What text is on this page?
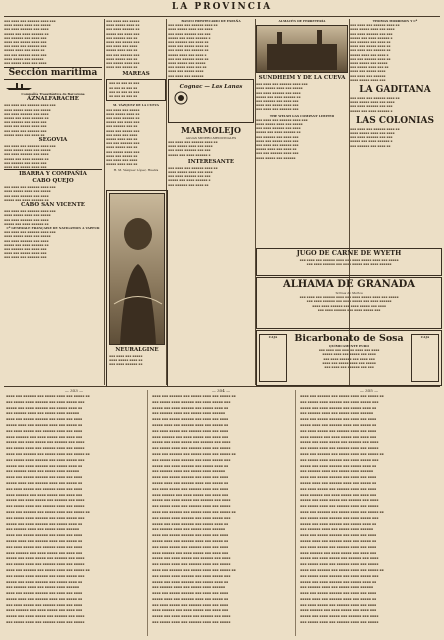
LA PROVINCIA
▪▪▪ ▪▪▪▪ ▪▪▪ ▪▪▪▪▪▪ ▪▪▪▪ ▪▪▪
▪▪▪▪ ▪▪▪▪▪ ▪▪▪▪ ▪▪▪ ▪▪▪▪▪
▪▪▪ ▪▪▪▪ ▪▪▪▪▪▪ ▪▪▪ ▪▪▪▪
▪▪▪▪▪ ▪▪▪ ▪▪▪▪ ▪▪▪▪▪▪ ▪▪
▪▪▪ ▪▪▪▪▪▪ ▪▪▪ ▪▪▪▪ ▪▪▪
▪▪▪▪ ▪▪▪ ▪▪▪▪▪ ▪▪▪▪ ▪▪▪
▪▪▪ ▪▪▪▪ ▪▪▪ ▪▪▪▪▪▪ ▪▪▪
▪▪▪▪▪ ▪▪▪▪ ▪▪▪ ▪▪▪▪ ▪▪
▪▪▪ ▪▪▪ ▪▪▪▪▪▪ ▪▪▪▪ ▪▪▪
▪▪▪▪ ▪▪▪▪▪ ▪▪▪ ▪▪▪▪▪▪
▪▪▪ ▪▪▪▪▪ ▪▪▪▪ ▪▪▪ ▪▪▪▪
Sección marítima
Compañía Trasatlántica de Barcelona
AZNALFARACHE
▪▪▪ ▪▪▪▪ ▪▪▪ ▪▪▪▪▪▪ ▪▪▪▪ ▪▪▪
▪▪▪▪ ▪▪▪▪▪ ▪▪▪▪ ▪▪▪ ▪▪▪▪▪
▪▪▪ ▪▪▪▪ ▪▪▪▪▪▪ ▪▪▪ ▪▪▪▪
▪▪▪▪▪ ▪▪▪ ▪▪▪▪ ▪▪▪▪▪▪ ▪▪
▪▪▪ ▪▪▪▪▪▪ ▪▪▪ ▪▪▪▪ ▪▪▪
▪▪▪▪ ▪▪▪ ▪▪▪▪▪ ▪▪▪▪ ▪▪▪
▪▪▪ ▪▪▪▪ ▪▪▪ ▪▪▪▪▪▪ ▪▪▪
▪▪▪▪▪ ▪▪▪▪ ▪▪▪ ▪▪▪▪ ▪▪
SEGOVIA
▪▪▪ ▪▪▪▪ ▪▪▪ ▪▪▪▪▪▪ ▪▪▪▪ ▪▪▪
▪▪▪▪ ▪▪▪▪▪ ▪▪▪▪ ▪▪▪ ▪▪▪▪▪
▪▪▪ ▪▪▪▪ ▪▪▪▪▪▪ ▪▪▪ ▪▪▪▪
▪▪▪▪▪ ▪▪▪ ▪▪▪▪ ▪▪▪▪▪▪ ▪▪
▪▪▪ ▪▪▪▪▪▪ ▪▪▪ ▪▪▪▪ ▪▪▪
▪▪▪▪ ▪▪▪ ▪▪▪▪▪ ▪▪▪▪ ▪▪▪
IBARRA Y COMPAÑÍA
CABO QUEJO
▪▪▪ ▪▪▪▪ ▪▪▪ ▪▪▪▪▪▪ ▪▪▪▪ ▪▪▪
▪▪▪▪ ▪▪▪▪▪ ▪▪▪▪ ▪▪▪ ▪▪▪▪▪
▪▪▪ ▪▪▪▪ ▪▪▪▪▪▪ ▪▪▪ ▪▪▪▪
▪▪▪▪▪ ▪▪▪ ▪▪▪▪ ▪▪▪▪▪▪ ▪▪
CABO SAN VICENTE
▪▪▪ ▪▪▪▪ ▪▪▪ ▪▪▪▪▪▪ ▪▪▪▪ ▪▪▪
▪▪▪▪ ▪▪▪▪▪ ▪▪▪▪ ▪▪▪ ▪▪▪▪▪
▪▪▪ ▪▪▪▪ ▪▪▪▪▪▪ ▪▪▪ ▪▪▪▪
▪▪▪▪▪ ▪▪▪ ▪▪▪▪ ▪▪▪▪▪▪ ▪▪
Cª GENERALE FRANÇAISE DE NAVIGATION A VAPEUR
▪▪▪ ▪▪▪▪ ▪▪▪ ▪▪▪▪▪▪ ▪▪▪▪ ▪▪▪
▪▪▪▪ ▪▪▪▪▪ ▪▪▪▪ ▪▪▪ ▪▪▪▪▪
▪▪▪ ▪▪▪▪ ▪▪▪▪▪▪ ▪▪▪ ▪▪▪▪
▪▪▪▪▪ ▪▪▪ ▪▪▪▪ ▪▪▪▪▪▪ ▪▪
▪▪▪ ▪▪▪▪▪▪ ▪▪▪ ▪▪▪▪ ▪▪▪
▪▪▪▪ ▪▪▪ ▪▪▪▪▪ ▪▪▪▪ ▪▪▪
▪▪▪ ▪▪▪▪ ▪▪▪ ▪▪▪▪▪▪ ▪▪▪
▪▪▪ ▪▪▪▪ ▪▪▪ ▪▪▪▪▪
▪▪▪▪ ▪▪▪▪▪ ▪▪▪▪ ▪▪
▪▪▪ ▪▪▪▪ ▪▪▪▪▪▪ ▪▪
▪▪▪▪▪ ▪▪▪ ▪▪▪▪ ▪▪▪
▪▪▪ ▪▪▪▪▪▪ ▪▪▪ ▪▪
▪▪▪▪ ▪▪▪ ▪▪▪▪▪ ▪▪▪
▪▪▪ ▪▪▪▪ ▪▪▪ ▪▪▪▪
▪▪▪▪▪ ▪▪▪▪ ▪▪▪ ▪▪
▪▪▪ ▪▪▪ ▪▪▪▪▪▪ ▪▪▪
▪▪▪▪ ▪▪▪▪▪ ▪▪▪ ▪▪
▪▪▪ ▪▪▪▪▪ ▪▪▪▪ ▪▪▪
▪▪▪▪ ▪▪▪ ▪▪▪▪▪ ▪▪
MAREAS
▪▪▪ ▪▪ ▪▪▪ ▪▪ ▪▪▪
▪▪ ▪▪▪ ▪▪ ▪▪▪ ▪▪
▪▪▪ ▪▪ ▪▪▪ ▪▪ ▪▪▪
▪▪ ▪▪▪ ▪▪ ▪▪▪ ▪▪
M. VÁZQUEZ DE LA CUEVA
▪▪▪ ▪▪▪▪ ▪▪▪ ▪▪▪▪▪
▪▪▪▪ ▪▪▪▪▪ ▪▪▪▪ ▪▪
▪▪▪ ▪▪▪▪ ▪▪▪▪▪▪ ▪▪
▪▪▪▪▪ ▪▪▪ ▪▪▪▪ ▪▪▪
▪▪▪ ▪▪▪▪▪▪ ▪▪▪ ▪▪
▪▪▪▪ ▪▪▪ ▪▪▪▪▪ ▪▪▪
▪▪▪ ▪▪▪▪ ▪▪▪ ▪▪▪▪
▪▪▪▪▪ ▪▪▪▪ ▪▪▪ ▪▪
▪▪▪ ▪▪▪ ▪▪▪▪▪▪ ▪▪▪
▪▪▪▪ ▪▪▪▪▪ ▪▪▪ ▪▪
▪▪▪ ▪▪▪▪▪ ▪▪▪▪ ▪▪▪
▪▪▪▪ ▪▪▪ ▪▪▪▪▪ ▪▪
▪▪▪ ▪▪▪▪ ▪▪▪ ▪▪▪▪
▪▪▪▪▪ ▪▪▪▪ ▪▪▪ ▪▪
H. M. Vázquez López, Huelva
BANCO HIPOTECARIO DE ESPAÑA
▪▪▪ ▪▪▪▪ ▪▪▪ ▪▪▪▪▪▪ ▪▪▪▪ ▪▪
▪▪▪▪ ▪▪▪▪▪ ▪▪▪▪ ▪▪▪ ▪▪▪▪
▪▪▪ ▪▪▪▪ ▪▪▪▪▪▪ ▪▪▪ ▪▪▪
▪▪▪▪▪ ▪▪▪ ▪▪▪▪ ▪▪▪▪▪▪ ▪
▪▪▪ ▪▪▪▪▪▪ ▪▪▪ ▪▪▪▪ ▪▪
▪▪▪▪ ▪▪▪ ▪▪▪▪▪ ▪▪▪▪ ▪▪
▪▪▪ ▪▪▪▪ ▪▪▪ ▪▪▪▪▪▪ ▪▪
▪▪▪▪▪ ▪▪▪▪ ▪▪▪ ▪▪▪▪ ▪
▪▪▪ ▪▪▪ ▪▪▪▪▪▪ ▪▪▪▪ ▪▪
▪▪▪▪ ▪▪▪▪▪ ▪▪▪ ▪▪▪▪▪
▪▪▪ ▪▪▪▪▪ ▪▪▪▪ ▪▪▪ ▪▪
▪▪▪▪ ▪▪▪ ▪▪▪▪▪ ▪▪▪▪
▪▪▪ ▪▪▪▪ ▪▪▪ ▪▪▪▪▪▪
Cognac — Las Lanas
MARMOLEJO
AGUAS MINERO-MEDICINALES
▪▪▪ ▪▪▪▪ ▪▪▪ ▪▪▪▪▪▪ ▪▪▪▪ ▪▪
▪▪▪▪ ▪▪▪▪▪ ▪▪▪▪ ▪▪▪ ▪▪▪▪
▪▪▪ ▪▪▪▪ ▪▪▪▪▪▪ ▪▪▪ ▪▪▪
▪▪▪▪▪ ▪▪▪ ▪▪▪▪ ▪▪▪▪▪▪ ▪
INTERESANTE
▪▪▪ ▪▪▪▪ ▪▪▪ ▪▪▪▪▪▪ ▪▪▪▪ ▪▪
▪▪▪▪ ▪▪▪▪▪ ▪▪▪▪ ▪▪▪ ▪▪▪▪
▪▪▪ ▪▪▪▪ ▪▪▪▪▪▪ ▪▪▪ ▪▪▪
▪▪▪▪▪ ▪▪▪ ▪▪▪▪ ▪▪▪▪▪▪ ▪
▪▪▪ ▪▪▪▪▪▪ ▪▪▪ ▪▪▪▪ ▪▪
NEURALGINE
▪▪▪ ▪▪▪▪ ▪▪▪ ▪▪▪▪▪
▪▪▪▪ ▪▪▪▪▪ ▪▪▪▪ ▪▪
▪▪▪ ▪▪▪▪ ▪▪▪▪▪▪ ▪▪
ALMACÉN DE FERRETERÍA
SUNDHEIM Y DE LA CUEVA
▪▪▪ ▪▪▪▪ ▪▪▪ ▪▪▪▪▪▪ ▪▪▪▪ ▪▪▪
▪▪▪▪ ▪▪▪▪▪ ▪▪▪▪ ▪▪▪ ▪▪▪▪▪
▪▪▪ ▪▪▪▪ ▪▪▪▪▪▪ ▪▪▪ ▪▪▪▪
▪▪▪▪▪ ▪▪▪ ▪▪▪▪ ▪▪▪▪▪▪ ▪▪
▪▪▪ ▪▪▪▪▪▪ ▪▪▪ ▪▪▪▪ ▪▪▪
▪▪▪▪ ▪▪▪ ▪▪▪▪▪ ▪▪▪▪ ▪▪▪
▪▪▪ ▪▪▪▪ ▪▪▪ ▪▪▪▪▪▪ ▪▪▪
THE WELSH GAS COMPANY LIMITED
▪▪▪ ▪▪▪▪ ▪▪▪ ▪▪▪▪▪▪ ▪▪▪▪ ▪▪▪
▪▪▪▪ ▪▪▪▪▪ ▪▪▪▪ ▪▪▪ ▪▪▪▪▪
▪▪▪ ▪▪▪▪ ▪▪▪▪▪▪ ▪▪▪ ▪▪▪▪
▪▪▪▪▪ ▪▪▪ ▪▪▪▪ ▪▪▪▪▪▪ ▪▪
▪▪▪ ▪▪▪▪▪▪ ▪▪▪ ▪▪▪▪ ▪▪▪
▪▪▪▪ ▪▪▪ ▪▪▪▪▪ ▪▪▪▪ ▪▪▪
▪▪▪ ▪▪▪▪ ▪▪▪ ▪▪▪▪▪▪ ▪▪▪
▪▪▪▪▪ ▪▪▪▪ ▪▪▪ ▪▪▪▪ ▪▪
▪▪▪ ▪▪▪ ▪▪▪▪▪▪ ▪▪▪▪ ▪▪▪
▪▪▪▪ ▪▪▪▪▪ ▪▪▪ ▪▪▪▪▪▪
THOMAS MORRISON Y Cª
▪▪▪ ▪▪▪▪ ▪▪▪ ▪▪▪▪▪▪ ▪▪▪▪ ▪▪
▪▪▪▪ ▪▪▪▪▪ ▪▪▪▪ ▪▪▪ ▪▪▪▪
▪▪▪ ▪▪▪▪ ▪▪▪▪▪▪ ▪▪▪ ▪▪▪
▪▪▪▪▪ ▪▪▪ ▪▪▪▪ ▪▪▪▪▪▪ ▪
▪▪▪ ▪▪▪▪▪▪ ▪▪▪ ▪▪▪▪ ▪▪
▪▪▪▪ ▪▪▪ ▪▪▪▪▪ ▪▪▪▪ ▪▪
▪▪▪ ▪▪▪▪ ▪▪▪ ▪▪▪▪▪▪ ▪▪
▪▪▪▪▪ ▪▪▪▪ ▪▪▪ ▪▪▪▪ ▪
▪▪▪ ▪▪▪ ▪▪▪▪▪▪ ▪▪▪▪ ▪▪
▪▪▪▪ ▪▪▪▪▪ ▪▪▪ ▪▪▪▪▪
▪▪▪ ▪▪▪▪▪ ▪▪▪▪ ▪▪▪ ▪▪
▪▪▪▪ ▪▪▪ ▪▪▪▪▪ ▪▪▪▪
▪▪▪ ▪▪▪▪ ▪▪▪ ▪▪▪▪▪▪
▪▪▪▪ ▪▪▪▪▪ ▪▪▪▪ ▪▪▪
LA GADITANA
▪▪▪ ▪▪▪▪ ▪▪▪ ▪▪▪▪▪▪ ▪▪▪▪ ▪▪
▪▪▪▪ ▪▪▪▪▪ ▪▪▪▪ ▪▪▪ ▪▪▪▪
▪▪▪ ▪▪▪▪ ▪▪▪▪▪▪ ▪▪▪ ▪▪▪
▪▪▪▪▪ ▪▪▪ ▪▪▪▪ ▪▪▪▪▪▪ ▪
LAS COLONIAS
▪▪▪ ▪▪▪▪ ▪▪▪ ▪▪▪▪▪▪ ▪▪▪▪ ▪▪
▪▪▪▪ ▪▪▪▪▪ ▪▪▪▪ ▪▪▪ ▪▪▪▪
▪▪▪ ▪▪▪▪ ▪▪▪▪▪▪ ▪▪▪ ▪▪▪
▪▪▪▪▪ ▪▪▪ ▪▪▪▪ ▪▪▪▪▪▪ ▪
▪▪▪ ▪▪▪▪▪▪ ▪▪▪ ▪▪▪▪ ▪▪
JUGO DE CARNE DE WYETH
▪▪▪ ▪▪▪▪ ▪▪▪ ▪▪▪▪▪▪ ▪▪▪▪ ▪▪▪ ▪▪▪▪ ▪▪▪▪▪ ▪▪▪▪ ▪▪▪ ▪▪▪▪▪
▪▪▪ ▪▪▪▪ ▪▪▪▪▪▪ ▪▪▪ ▪▪▪▪ ▪▪▪▪▪ ▪▪▪ ▪▪▪▪ ▪▪▪▪▪▪
ALHAMA DE GRANADA
Termas de Martos
▪▪▪ ▪▪▪▪ ▪▪▪ ▪▪▪▪▪▪ ▪▪▪▪ ▪▪▪ ▪▪▪▪ ▪▪▪▪▪ ▪▪▪▪ ▪▪▪ ▪▪▪▪▪
▪▪▪ ▪▪▪▪ ▪▪▪▪▪▪ ▪▪▪ ▪▪▪▪ ▪▪▪▪▪ ▪▪▪ ▪▪▪▪ ▪▪▪▪▪▪
▪▪▪▪ ▪▪▪▪ ▪▪▪▪▪▪ ▪▪▪ ▪▪▪▪ ▪▪▪▪▪ ▪▪▪ ▪▪▪▪
▪▪▪ ▪▪▪▪ ▪▪▪▪▪▪ ▪▪▪ ▪▪▪▪ ▪▪▪▪▪ ▪▪▪
CAJA	CAJA
Bicarbonato de Sosa
QUÍMICAMENTE PURO
▪▪▪ ▪▪▪▪ ▪▪▪ ▪▪▪▪▪▪ ▪▪▪▪ ▪▪▪ ▪▪▪▪
▪▪▪▪▪ ▪▪▪▪ ▪▪▪ ▪▪▪▪▪ ▪▪▪ ▪▪▪▪
▪▪▪ ▪▪▪▪ ▪▪▪▪▪▪ ▪▪▪ ▪▪▪▪ ▪▪▪
▪▪▪▪ ▪▪▪ ▪▪▪▪▪ ▪▪▪▪ ▪▪▪ ▪▪▪▪▪
▪▪▪ ▪▪▪▪ ▪▪▪ ▪▪▪▪▪▪ ▪▪▪ ▪▪▪
— 353 —
▪▪▪▪ ▪▪▪ ▪▪▪▪▪▪ ▪▪▪ ▪▪▪▪▪ ▪▪▪▪ ▪▪▪ ▪▪▪▪▪ ▪▪
▪▪▪ ▪▪▪▪▪ ▪▪▪▪ ▪▪▪▪▪▪ ▪▪▪ ▪▪▪▪ ▪▪▪▪▪ ▪▪▪
▪▪▪▪▪ ▪▪▪ ▪▪▪▪ ▪▪▪▪▪▪ ▪▪▪ ▪▪▪▪▪ ▪▪▪▪ ▪▪
▪▪▪ ▪▪▪▪▪▪ ▪▪▪▪ ▪▪▪ ▪▪▪▪▪ ▪▪▪▪ ▪▪▪▪▪▪
▪▪▪▪ ▪▪▪ ▪▪▪▪▪ ▪▪▪▪▪▪ ▪▪▪ ▪▪▪▪ ▪▪▪ ▪▪▪▪
▪▪▪▪▪ ▪▪▪▪ ▪▪▪ ▪▪▪▪▪▪ ▪▪▪▪ ▪▪▪ ▪▪▪▪▪ ▪▪
▪▪▪ ▪▪▪▪ ▪▪▪▪▪ ▪▪▪ ▪▪▪▪▪▪ ▪▪▪▪ ▪▪▪ ▪▪▪▪
▪▪▪▪ ▪▪▪▪▪▪ ▪▪▪ ▪▪▪▪ ▪▪▪▪▪ ▪▪▪ ▪▪▪▪ ▪▪▪
▪▪▪▪▪ ▪▪▪ ▪▪▪▪ ▪▪▪▪▪ ▪▪▪ ▪▪▪▪▪▪ ▪▪▪ ▪▪▪▪
▪▪▪ ▪▪▪▪▪ ▪▪▪▪ ▪▪▪ ▪▪▪▪▪▪ ▪▪▪▪ ▪▪▪ ▪▪▪▪▪
▪▪▪▪ ▪▪▪ ▪▪▪▪▪▪ ▪▪▪ ▪▪▪▪▪ ▪▪▪▪ ▪▪▪ ▪▪▪▪▪ ▪▪
▪▪▪ ▪▪▪▪▪ ▪▪▪▪ ▪▪▪▪▪▪ ▪▪▪ ▪▪▪▪ ▪▪▪▪▪ ▪▪▪
▪▪▪▪▪ ▪▪▪ ▪▪▪▪ ▪▪▪▪▪▪ ▪▪▪ ▪▪▪▪▪ ▪▪▪▪ ▪▪
▪▪▪ ▪▪▪▪▪▪ ▪▪▪▪ ▪▪▪ ▪▪▪▪▪ ▪▪▪▪ ▪▪▪▪▪▪
▪▪▪▪ ▪▪▪ ▪▪▪▪▪ ▪▪▪▪▪▪ ▪▪▪ ▪▪▪▪ ▪▪▪ ▪▪▪▪
▪▪▪▪▪ ▪▪▪▪ ▪▪▪ ▪▪▪▪▪▪ ▪▪▪▪ ▪▪▪ ▪▪▪▪▪ ▪▪
▪▪▪ ▪▪▪▪ ▪▪▪▪▪ ▪▪▪ ▪▪▪▪▪▪ ▪▪▪▪ ▪▪▪ ▪▪▪▪
▪▪▪▪ ▪▪▪▪▪▪ ▪▪▪ ▪▪▪▪ ▪▪▪▪▪ ▪▪▪ ▪▪▪▪ ▪▪▪
▪▪▪▪▪ ▪▪▪ ▪▪▪▪ ▪▪▪▪▪ ▪▪▪ ▪▪▪▪▪▪ ▪▪▪ ▪▪▪▪
▪▪▪ ▪▪▪▪▪ ▪▪▪▪ ▪▪▪ ▪▪▪▪▪▪ ▪▪▪▪ ▪▪▪ ▪▪▪▪▪
▪▪▪▪ ▪▪▪ ▪▪▪▪▪▪ ▪▪▪ ▪▪▪▪▪ ▪▪▪▪ ▪▪▪ ▪▪▪▪▪ ▪▪
▪▪▪ ▪▪▪▪▪ ▪▪▪▪ ▪▪▪▪▪▪ ▪▪▪ ▪▪▪▪ ▪▪▪▪▪ ▪▪▪
▪▪▪▪▪ ▪▪▪ ▪▪▪▪ ▪▪▪▪▪▪ ▪▪▪ ▪▪▪▪▪ ▪▪▪▪ ▪▪
▪▪▪ ▪▪▪▪▪▪ ▪▪▪▪ ▪▪▪ ▪▪▪▪▪ ▪▪▪▪ ▪▪▪▪▪▪
▪▪▪▪ ▪▪▪ ▪▪▪▪▪ ▪▪▪▪▪▪ ▪▪▪ ▪▪▪▪ ▪▪▪ ▪▪▪▪
▪▪▪▪▪ ▪▪▪▪ ▪▪▪ ▪▪▪▪▪▪ ▪▪▪▪ ▪▪▪ ▪▪▪▪▪ ▪▪
▪▪▪ ▪▪▪▪ ▪▪▪▪▪ ▪▪▪ ▪▪▪▪▪▪ ▪▪▪▪ ▪▪▪ ▪▪▪▪
▪▪▪▪ ▪▪▪▪▪▪ ▪▪▪ ▪▪▪▪ ▪▪▪▪▪ ▪▪▪ ▪▪▪▪ ▪▪▪
▪▪▪▪▪ ▪▪▪ ▪▪▪▪ ▪▪▪▪▪ ▪▪▪ ▪▪▪▪▪▪ ▪▪▪ ▪▪▪▪
▪▪▪ ▪▪▪▪▪ ▪▪▪▪ ▪▪▪ ▪▪▪▪▪▪ ▪▪▪▪ ▪▪▪ ▪▪▪▪▪
▪▪▪▪ ▪▪▪ ▪▪▪▪▪▪ ▪▪▪ ▪▪▪▪▪ ▪▪▪▪ ▪▪▪ ▪▪▪▪▪ ▪▪
▪▪▪ ▪▪▪▪▪ ▪▪▪▪ ▪▪▪▪▪▪ ▪▪▪ ▪▪▪▪ ▪▪▪▪▪ ▪▪▪
▪▪▪▪▪ ▪▪▪ ▪▪▪▪ ▪▪▪▪▪▪ ▪▪▪ ▪▪▪▪▪ ▪▪▪▪ ▪▪
▪▪▪ ▪▪▪▪▪▪ ▪▪▪▪ ▪▪▪ ▪▪▪▪▪ ▪▪▪▪ ▪▪▪▪▪▪
▪▪▪▪ ▪▪▪ ▪▪▪▪▪ ▪▪▪▪▪▪ ▪▪▪ ▪▪▪▪ ▪▪▪ ▪▪▪▪
▪▪▪▪▪ ▪▪▪▪ ▪▪▪ ▪▪▪▪▪▪ ▪▪▪▪ ▪▪▪ ▪▪▪▪▪ ▪▪
▪▪▪ ▪▪▪▪ ▪▪▪▪▪ ▪▪▪ ▪▪▪▪▪▪ ▪▪▪▪ ▪▪▪ ▪▪▪▪
▪▪▪▪ ▪▪▪▪▪▪ ▪▪▪ ▪▪▪▪ ▪▪▪▪▪ ▪▪▪ ▪▪▪▪ ▪▪▪
▪▪▪▪▪ ▪▪▪ ▪▪▪▪ ▪▪▪▪▪ ▪▪▪ ▪▪▪▪▪▪ ▪▪▪ ▪▪▪▪
▪▪▪ ▪▪▪▪▪ ▪▪▪▪ ▪▪▪ ▪▪▪▪▪▪ ▪▪▪▪ ▪▪▪ ▪▪▪▪▪
— 354 —
▪▪▪▪ ▪▪▪ ▪▪▪▪▪▪ ▪▪▪ ▪▪▪▪▪ ▪▪▪▪ ▪▪▪ ▪▪▪▪▪ ▪▪
▪▪▪ ▪▪▪▪▪ ▪▪▪▪ ▪▪▪▪▪▪ ▪▪▪ ▪▪▪▪ ▪▪▪▪▪ ▪▪▪
▪▪▪▪▪ ▪▪▪ ▪▪▪▪ ▪▪▪▪▪▪ ▪▪▪ ▪▪▪▪▪ ▪▪▪▪ ▪▪
▪▪▪ ▪▪▪▪▪▪ ▪▪▪▪ ▪▪▪ ▪▪▪▪▪ ▪▪▪▪ ▪▪▪▪▪▪
▪▪▪▪ ▪▪▪ ▪▪▪▪▪ ▪▪▪▪▪▪ ▪▪▪ ▪▪▪▪ ▪▪▪ ▪▪▪▪
▪▪▪▪▪ ▪▪▪▪ ▪▪▪ ▪▪▪▪▪▪ ▪▪▪▪ ▪▪▪ ▪▪▪▪▪ ▪▪
▪▪▪ ▪▪▪▪ ▪▪▪▪▪ ▪▪▪ ▪▪▪▪▪▪ ▪▪▪▪ ▪▪▪ ▪▪▪▪
▪▪▪▪ ▪▪▪▪▪▪ ▪▪▪ ▪▪▪▪ ▪▪▪▪▪ ▪▪▪ ▪▪▪▪ ▪▪▪
▪▪▪▪▪ ▪▪▪ ▪▪▪▪ ▪▪▪▪▪ ▪▪▪ ▪▪▪▪▪▪ ▪▪▪ ▪▪▪▪
▪▪▪ ▪▪▪▪▪ ▪▪▪▪ ▪▪▪ ▪▪▪▪▪▪ ▪▪▪▪ ▪▪▪ ▪▪▪▪▪
▪▪▪▪ ▪▪▪ ▪▪▪▪▪▪ ▪▪▪ ▪▪▪▪▪ ▪▪▪▪ ▪▪▪ ▪▪▪▪▪ ▪▪
▪▪▪ ▪▪▪▪▪ ▪▪▪▪ ▪▪▪▪▪▪ ▪▪▪ ▪▪▪▪ ▪▪▪▪▪ ▪▪▪
▪▪▪▪▪ ▪▪▪ ▪▪▪▪ ▪▪▪▪▪▪ ▪▪▪ ▪▪▪▪▪ ▪▪▪▪ ▪▪
▪▪▪ ▪▪▪▪▪▪ ▪▪▪▪ ▪▪▪ ▪▪▪▪▪ ▪▪▪▪ ▪▪▪▪▪▪
▪▪▪▪ ▪▪▪ ▪▪▪▪▪ ▪▪▪▪▪▪ ▪▪▪ ▪▪▪▪ ▪▪▪ ▪▪▪▪
▪▪▪▪▪ ▪▪▪▪ ▪▪▪ ▪▪▪▪▪▪ ▪▪▪▪ ▪▪▪ ▪▪▪▪▪ ▪▪
▪▪▪ ▪▪▪▪ ▪▪▪▪▪ ▪▪▪ ▪▪▪▪▪▪ ▪▪▪▪ ▪▪▪ ▪▪▪▪
▪▪▪▪ ▪▪▪▪▪▪ ▪▪▪ ▪▪▪▪ ▪▪▪▪▪ ▪▪▪ ▪▪▪▪ ▪▪▪
▪▪▪▪▪ ▪▪▪ ▪▪▪▪ ▪▪▪▪▪ ▪▪▪ ▪▪▪▪▪▪ ▪▪▪ ▪▪▪▪
▪▪▪ ▪▪▪▪▪ ▪▪▪▪ ▪▪▪ ▪▪▪▪▪▪ ▪▪▪▪ ▪▪▪ ▪▪▪▪▪
▪▪▪▪ ▪▪▪ ▪▪▪▪▪▪ ▪▪▪ ▪▪▪▪▪ ▪▪▪▪ ▪▪▪ ▪▪▪▪▪ ▪▪
▪▪▪ ▪▪▪▪▪ ▪▪▪▪ ▪▪▪▪▪▪ ▪▪▪ ▪▪▪▪ ▪▪▪▪▪ ▪▪▪
▪▪▪▪▪ ▪▪▪ ▪▪▪▪ ▪▪▪▪▪▪ ▪▪▪ ▪▪▪▪▪ ▪▪▪▪ ▪▪
▪▪▪ ▪▪▪▪▪▪ ▪▪▪▪ ▪▪▪ ▪▪▪▪▪ ▪▪▪▪ ▪▪▪▪▪▪
▪▪▪▪ ▪▪▪ ▪▪▪▪▪ ▪▪▪▪▪▪ ▪▪▪ ▪▪▪▪ ▪▪▪ ▪▪▪▪
▪▪▪▪▪ ▪▪▪▪ ▪▪▪ ▪▪▪▪▪▪ ▪▪▪▪ ▪▪▪ ▪▪▪▪▪ ▪▪
▪▪▪ ▪▪▪▪ ▪▪▪▪▪ ▪▪▪ ▪▪▪▪▪▪ ▪▪▪▪ ▪▪▪ ▪▪▪▪
▪▪▪▪ ▪▪▪▪▪▪ ▪▪▪ ▪▪▪▪ ▪▪▪▪▪ ▪▪▪ ▪▪▪▪ ▪▪▪
▪▪▪▪▪ ▪▪▪ ▪▪▪▪ ▪▪▪▪▪ ▪▪▪ ▪▪▪▪▪▪ ▪▪▪ ▪▪▪▪
▪▪▪ ▪▪▪▪▪ ▪▪▪▪ ▪▪▪ ▪▪▪▪▪▪ ▪▪▪▪ ▪▪▪ ▪▪▪▪▪
▪▪▪▪ ▪▪▪ ▪▪▪▪▪▪ ▪▪▪ ▪▪▪▪▪ ▪▪▪▪ ▪▪▪ ▪▪▪▪▪ ▪▪
▪▪▪ ▪▪▪▪▪ ▪▪▪▪ ▪▪▪▪▪▪ ▪▪▪ ▪▪▪▪ ▪▪▪▪▪ ▪▪▪
▪▪▪▪▪ ▪▪▪ ▪▪▪▪ ▪▪▪▪▪▪ ▪▪▪ ▪▪▪▪▪ ▪▪▪▪ ▪▪
▪▪▪ ▪▪▪▪▪▪ ▪▪▪▪ ▪▪▪ ▪▪▪▪▪ ▪▪▪▪ ▪▪▪▪▪▪
▪▪▪▪ ▪▪▪ ▪▪▪▪▪ ▪▪▪▪▪▪ ▪▪▪ ▪▪▪▪ ▪▪▪ ▪▪▪▪
▪▪▪▪▪ ▪▪▪▪ ▪▪▪ ▪▪▪▪▪▪ ▪▪▪▪ ▪▪▪ ▪▪▪▪▪ ▪▪
▪▪▪ ▪▪▪▪ ▪▪▪▪▪ ▪▪▪ ▪▪▪▪▪▪ ▪▪▪▪ ▪▪▪ ▪▪▪▪
▪▪▪▪ ▪▪▪▪▪▪ ▪▪▪ ▪▪▪▪ ▪▪▪▪▪ ▪▪▪ ▪▪▪▪ ▪▪▪
▪▪▪▪▪ ▪▪▪ ▪▪▪▪ ▪▪▪▪▪ ▪▪▪ ▪▪▪▪▪▪ ▪▪▪ ▪▪▪▪
▪▪▪ ▪▪▪▪▪ ▪▪▪▪ ▪▪▪ ▪▪▪▪▪▪ ▪▪▪▪ ▪▪▪ ▪▪▪▪▪
— 355 —
▪▪▪▪ ▪▪▪ ▪▪▪▪▪▪ ▪▪▪ ▪▪▪▪▪ ▪▪▪▪ ▪▪▪ ▪▪▪▪▪ ▪▪
▪▪▪ ▪▪▪▪▪ ▪▪▪▪ ▪▪▪▪▪▪ ▪▪▪ ▪▪▪▪ ▪▪▪▪▪ ▪▪▪
▪▪▪▪▪ ▪▪▪ ▪▪▪▪ ▪▪▪▪▪▪ ▪▪▪ ▪▪▪▪▪ ▪▪▪▪ ▪▪
▪▪▪ ▪▪▪▪▪▪ ▪▪▪▪ ▪▪▪ ▪▪▪▪▪ ▪▪▪▪ ▪▪▪▪▪▪
▪▪▪▪ ▪▪▪ ▪▪▪▪▪ ▪▪▪▪▪▪ ▪▪▪ ▪▪▪▪ ▪▪▪ ▪▪▪▪
▪▪▪▪▪ ▪▪▪▪ ▪▪▪ ▪▪▪▪▪▪ ▪▪▪▪ ▪▪▪ ▪▪▪▪▪ ▪▪
▪▪▪ ▪▪▪▪ ▪▪▪▪▪ ▪▪▪ ▪▪▪▪▪▪ ▪▪▪▪ ▪▪▪ ▪▪▪▪
▪▪▪▪ ▪▪▪▪▪▪ ▪▪▪ ▪▪▪▪ ▪▪▪▪▪ ▪▪▪ ▪▪▪▪ ▪▪▪
▪▪▪▪▪ ▪▪▪ ▪▪▪▪ ▪▪▪▪▪ ▪▪▪ ▪▪▪▪▪▪ ▪▪▪ ▪▪▪▪
▪▪▪ ▪▪▪▪▪ ▪▪▪▪ ▪▪▪ ▪▪▪▪▪▪ ▪▪▪▪ ▪▪▪ ▪▪▪▪▪
▪▪▪▪ ▪▪▪ ▪▪▪▪▪▪ ▪▪▪ ▪▪▪▪▪ ▪▪▪▪ ▪▪▪ ▪▪▪▪▪ ▪▪
▪▪▪ ▪▪▪▪▪ ▪▪▪▪ ▪▪▪▪▪▪ ▪▪▪ ▪▪▪▪ ▪▪▪▪▪ ▪▪▪
▪▪▪▪▪ ▪▪▪ ▪▪▪▪ ▪▪▪▪▪▪ ▪▪▪ ▪▪▪▪▪ ▪▪▪▪ ▪▪
▪▪▪ ▪▪▪▪▪▪ ▪▪▪▪ ▪▪▪ ▪▪▪▪▪ ▪▪▪▪ ▪▪▪▪▪▪
▪▪▪▪ ▪▪▪ ▪▪▪▪▪ ▪▪▪▪▪▪ ▪▪▪ ▪▪▪▪ ▪▪▪ ▪▪▪▪
▪▪▪▪▪ ▪▪▪▪ ▪▪▪ ▪▪▪▪▪▪ ▪▪▪▪ ▪▪▪ ▪▪▪▪▪ ▪▪
▪▪▪ ▪▪▪▪ ▪▪▪▪▪ ▪▪▪ ▪▪▪▪▪▪ ▪▪▪▪ ▪▪▪ ▪▪▪▪
▪▪▪▪ ▪▪▪▪▪▪ ▪▪▪ ▪▪▪▪ ▪▪▪▪▪ ▪▪▪ ▪▪▪▪ ▪▪▪
▪▪▪▪▪ ▪▪▪ ▪▪▪▪ ▪▪▪▪▪ ▪▪▪ ▪▪▪▪▪▪ ▪▪▪ ▪▪▪▪
▪▪▪ ▪▪▪▪▪ ▪▪▪▪ ▪▪▪ ▪▪▪▪▪▪ ▪▪▪▪ ▪▪▪ ▪▪▪▪▪
▪▪▪▪ ▪▪▪ ▪▪▪▪▪▪ ▪▪▪ ▪▪▪▪▪ ▪▪▪▪ ▪▪▪ ▪▪▪▪▪ ▪▪
▪▪▪ ▪▪▪▪▪ ▪▪▪▪ ▪▪▪▪▪▪ ▪▪▪ ▪▪▪▪ ▪▪▪▪▪ ▪▪▪
▪▪▪▪▪ ▪▪▪ ▪▪▪▪ ▪▪▪▪▪▪ ▪▪▪ ▪▪▪▪▪ ▪▪▪▪ ▪▪
▪▪▪ ▪▪▪▪▪▪ ▪▪▪▪ ▪▪▪ ▪▪▪▪▪ ▪▪▪▪ ▪▪▪▪▪▪
▪▪▪▪ ▪▪▪ ▪▪▪▪▪ ▪▪▪▪▪▪ ▪▪▪ ▪▪▪▪ ▪▪▪ ▪▪▪▪
▪▪▪▪▪ ▪▪▪▪ ▪▪▪ ▪▪▪▪▪▪ ▪▪▪▪ ▪▪▪ ▪▪▪▪▪ ▪▪
▪▪▪ ▪▪▪▪ ▪▪▪▪▪ ▪▪▪ ▪▪▪▪▪▪ ▪▪▪▪ ▪▪▪ ▪▪▪▪
▪▪▪▪ ▪▪▪▪▪▪ ▪▪▪ ▪▪▪▪ ▪▪▪▪▪ ▪▪▪ ▪▪▪▪ ▪▪▪
▪▪▪▪▪ ▪▪▪ ▪▪▪▪ ▪▪▪▪▪ ▪▪▪ ▪▪▪▪▪▪ ▪▪▪ ▪▪▪▪
▪▪▪ ▪▪▪▪▪ ▪▪▪▪ ▪▪▪ ▪▪▪▪▪▪ ▪▪▪▪ ▪▪▪ ▪▪▪▪▪
▪▪▪▪ ▪▪▪ ▪▪▪▪▪▪ ▪▪▪ ▪▪▪▪▪ ▪▪▪▪ ▪▪▪ ▪▪▪▪▪ ▪▪
▪▪▪ ▪▪▪▪▪ ▪▪▪▪ ▪▪▪▪▪▪ ▪▪▪ ▪▪▪▪ ▪▪▪▪▪ ▪▪▪
▪▪▪▪▪ ▪▪▪ ▪▪▪▪ ▪▪▪▪▪▪ ▪▪▪ ▪▪▪▪▪ ▪▪▪▪ ▪▪
▪▪▪ ▪▪▪▪▪▪ ▪▪▪▪ ▪▪▪ ▪▪▪▪▪ ▪▪▪▪ ▪▪▪▪▪▪
▪▪▪▪ ▪▪▪ ▪▪▪▪▪ ▪▪▪▪▪▪ ▪▪▪ ▪▪▪▪ ▪▪▪ ▪▪▪▪
▪▪▪▪▪ ▪▪▪▪ ▪▪▪ ▪▪▪▪▪▪ ▪▪▪▪ ▪▪▪ ▪▪▪▪▪ ▪▪
▪▪▪ ▪▪▪▪ ▪▪▪▪▪ ▪▪▪ ▪▪▪▪▪▪ ▪▪▪▪ ▪▪▪ ▪▪▪▪
▪▪▪▪ ▪▪▪▪▪▪ ▪▪▪ ▪▪▪▪ ▪▪▪▪▪ ▪▪▪ ▪▪▪▪ ▪▪▪
▪▪▪▪▪ ▪▪▪ ▪▪▪▪ ▪▪▪▪▪ ▪▪▪ ▪▪▪▪▪▪ ▪▪▪ ▪▪▪▪
▪▪▪ ▪▪▪▪▪ ▪▪▪▪ ▪▪▪ ▪▪▪▪▪▪ ▪▪▪▪ ▪▪▪ ▪▪▪▪▪
